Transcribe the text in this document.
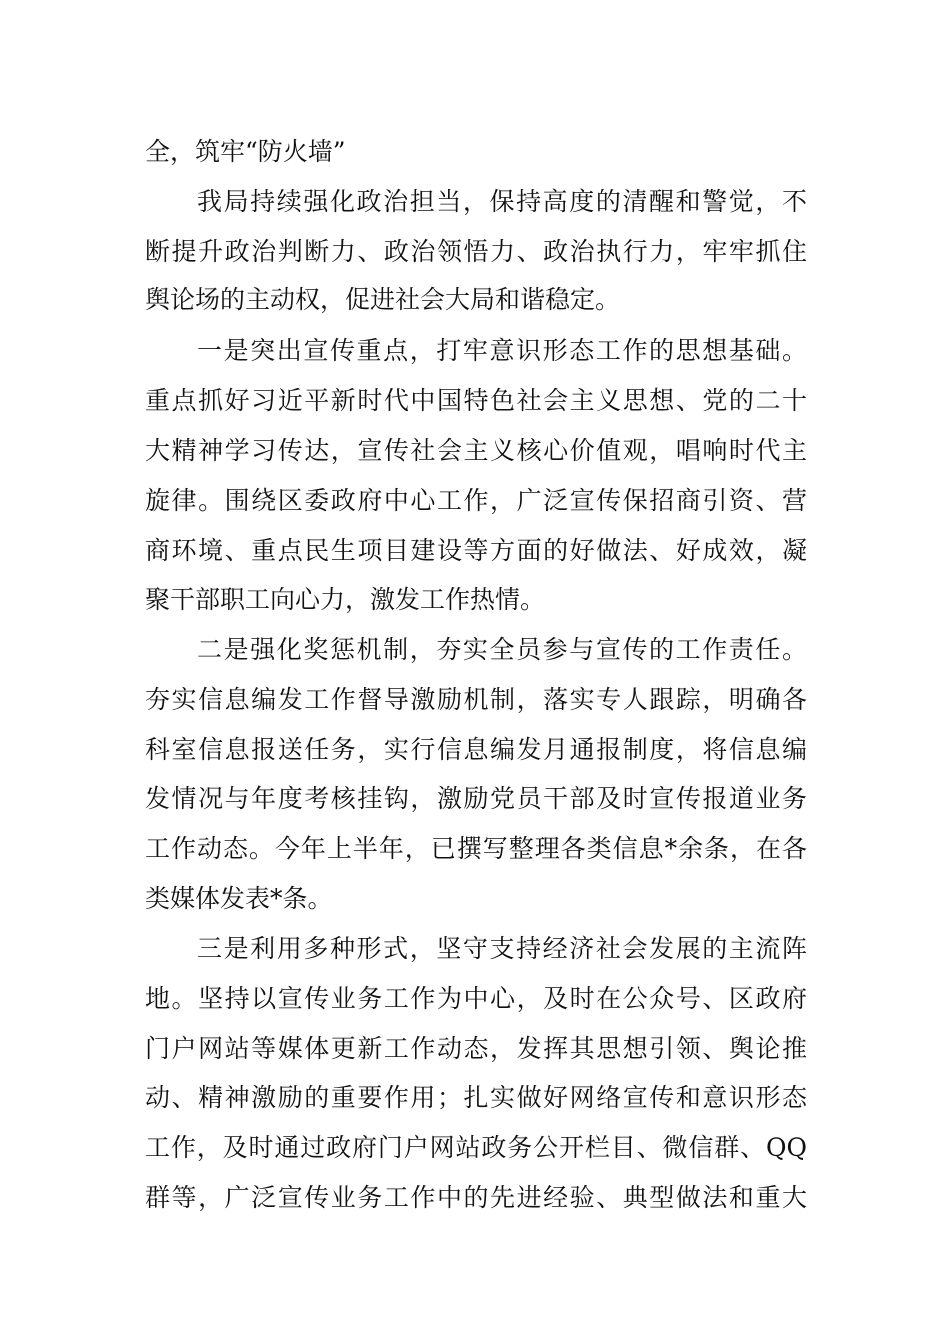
全，筑牢“防火墙”
我局持续强化政治担当，保持高度的清醒和警觉，不
断提升政治判断力、政治领悟力、政治执行力，牢牢抓住
舆论场的主动权，促进社会大局和谐稳定。
一是突出宣传重点，打牢意识形态工作的思想基础。
重点抓好习近平新时代中国特色社会主义思想、党的二十
大精神学习传达，宣传社会主义核心价值观，唱响时代主
旋律。围绕区委政府中心工作，广泛宣传保招商引资、营
商环境、重点民生项目建设等方面的好做法、好成效，凝
聚干部职工向心力，激发工作热情。
二是强化奖惩机制，夯实全员参与宣传的工作责任。
夯实信息编发工作督导激励机制，落实专人跟踪，明确各
科室信息报送任务，实行信息编发月通报制度，将信息编
发情况与年度考核挂钩，激励党员干部及时宣传报道业务
工作动态。今年上半年，已撰写整理各类信息*余条，在各
类媒体发表*条。
三是利用多种形式，坚守支持经济社会发展的主流阵
地。坚持以宣传业务工作为中心，及时在公众号、区政府
门户网站等媒体更新工作动态，发挥其思想引领、舆论推
动、精神激励的重要作用；扎实做好网络宣传和意识形态
工作，及时通过政府门户网站政务公开栏目、微信群、QQ
群等，广泛宣传业务工作中的先进经验、典型做法和重大
